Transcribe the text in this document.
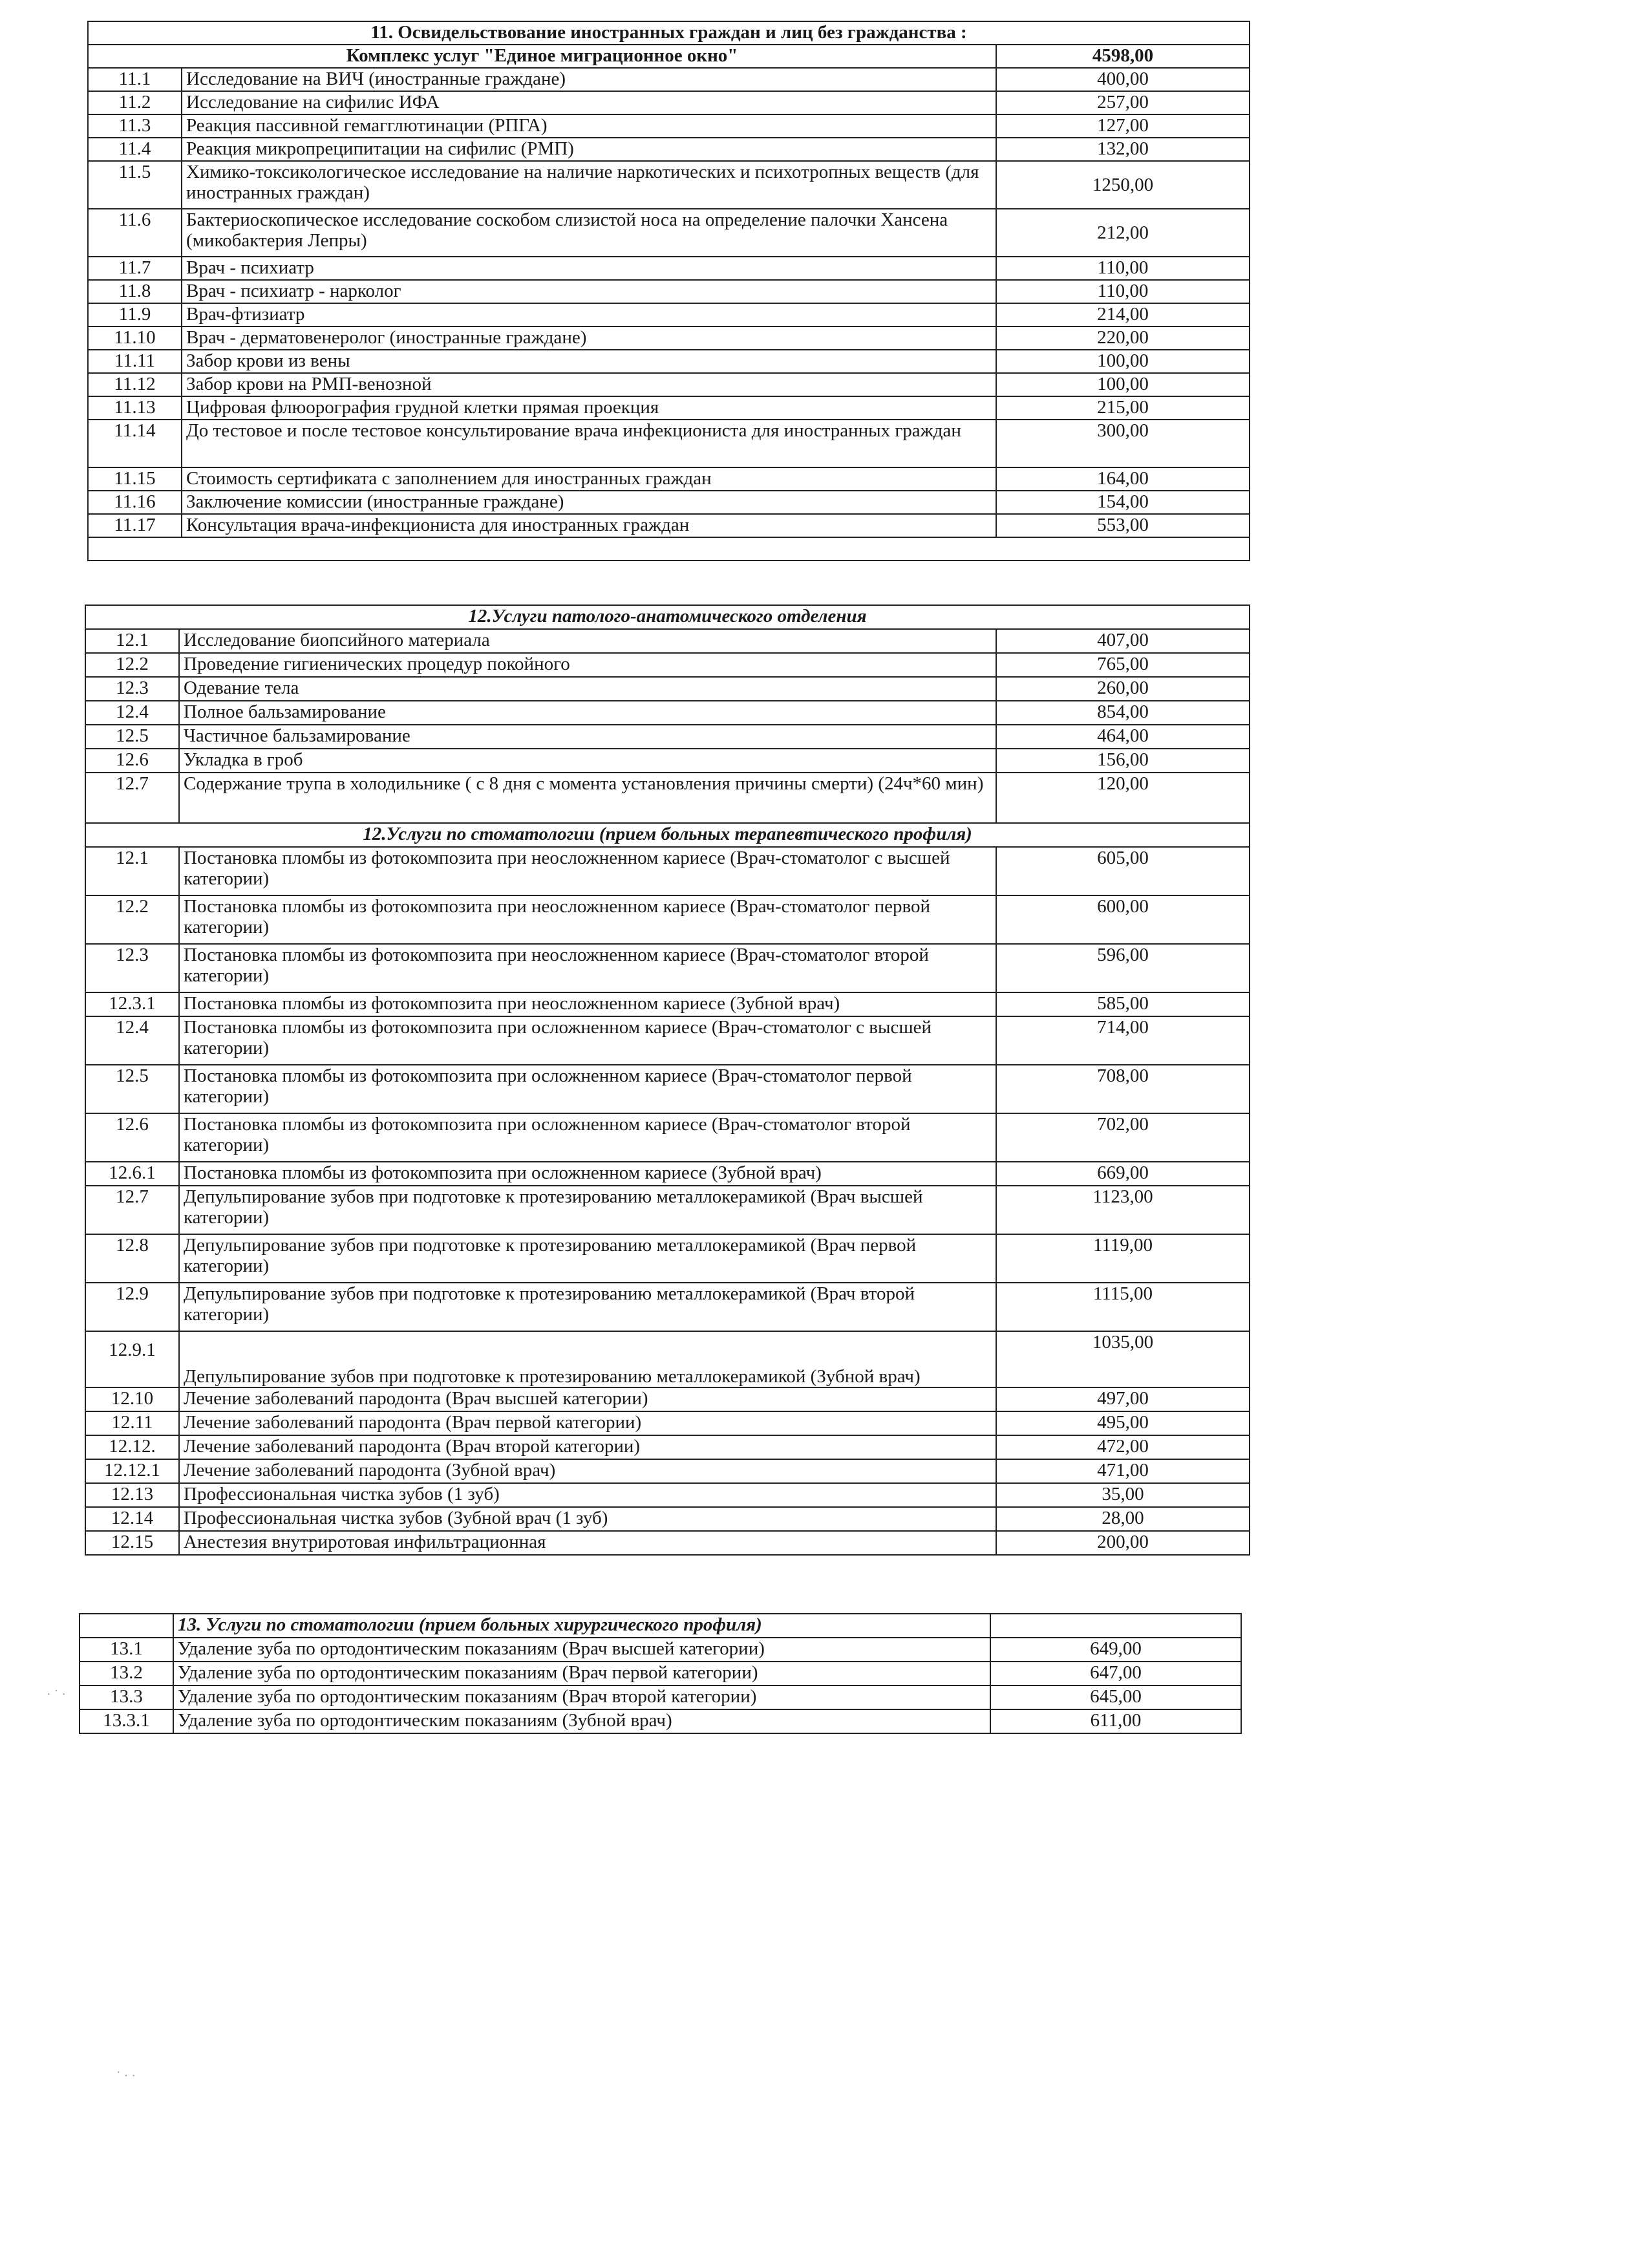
11. Освидельствование иностранных граждан и лиц без гражданства :		
Комплекс услуг "Единое миграционное окно"		4598,00
11.1	Исследование на ВИЧ (иностранные граждане)	400,00
11.2	Исследование на сифилис ИФА	257,00
11.3	Реакция пассивной гемагглютинации (РПГА)	127,00
11.4	Реакция микропреципитации на сифилис (РМП)	132,00
11.5	Химико-токсикологическое исследование на наличие наркотических и психотропных веществ (для иностранных граждан)	1250,00
11.6	Бактериоскопическое исследование соскобом слизистой носа на определение палочки Хансена (микобактерия Лепры)	212,00
11.7	Врач - психиатр	110,00
11.8	Врач - психиатр - нарколог	110,00
11.9	Врач-фтизиатр	214,00
11.10	Врач - дерматовенеролог (иностранные граждане)	220,00
11.11	Забор крови из вены	100,00
11.12	Забор крови на РМП-венозной	100,00
11.13	Цифровая флюорография грудной клетки прямая проекция	215,00
11.14	До тестовое и после тестовое консультирование врача инфекциониста для иностранных граждан	300,00
11.15	Стоимость сертификата с заполнением для иностранных граждан	164,00
11.16	Заключение комиссии (иностранные граждане)	154,00
11.17	Консультация врача-инфекциониста для иностранных граждан	553,00

12.Услуги патолого-анатомического отделения		
12.1	Исследование биопсийного материала	407,00
12.2	Проведение гигиенических процедур покойного	765,00
12.3	Одевание тела	260,00
12.4	Полное бальзамирование	854,00
12.5	Частичное бальзамирование	464,00
12.6	Укладка в гроб	156,00
12.7	Содержание трупа в холодильнике ( с 8 дня с момента установления причины смерти) (24ч*60 мин)	120,00
12.Услуги по стоматологии (прием больных терапевтического профиля)		
12.1	Постановка пломбы из фотокомпозита при неосложненном кариесе (Врач-стоматолог с высшей категории)	605,00
12.2	Постановка пломбы из фотокомпозита при неосложненном кариесе (Врач-стоматолог первой категории)	600,00
12.3	Постановка пломбы из фотокомпозита при неосложненном кариесе (Врач-стоматолог второй категории)	596,00
12.3.1	Постановка пломбы из фотокомпозита при неосложненном кариесе (Зубной врач)	585,00
12.4	Постановка пломбы из фотокомпозита при осложненном кариесе (Врач-стоматолог с высшей категории)	714,00
12.5	Постановка пломбы из фотокомпозита при осложненном кариесе (Врач-стоматолог первой категории)	708,00
12.6	Постановка пломбы из фотокомпозита при осложненном кариесе (Врач-стоматолог второй категории)	702,00
12.6.1	Постановка пломбы из фотокомпозита при осложненном кариесе (Зубной врач)	669,00
12.7	Депульпирование зубов при подготовке к протезированию металлокерамикой (Врач высшей категории)	1123,00
12.8	Депульпирование зубов при подготовке к протезированию металлокерамикой (Врач первой категории)	1119,00
12.9	Депульпирование зубов при подготовке к протезированию металлокерамикой (Врач второй категории)	1115,00
12.9.1	Депульпирование зубов при подготовке к протезированию металлокерамикой (Зубной врач)	1035,00
12.10	Лечение заболеваний пародонта (Врач высшей категории)	497,00
12.11	Лечение заболеваний пародонта (Врач первой категории)	495,00
12.12.	Лечение заболеваний пародонта (Врач второй категории)	472,00
12.12.1	Лечение заболеваний пародонта (Зубной врач)	471,00
12.13	Профессиональная чистка зубов (1 зуб)	35,00
12.14	Профессиональная чистка зубов (Зубной врач (1 зуб)	28,00
12.15	Анестезия внутриротовая инфильтрационная	200,00
	13. Услуги по стоматологии (прием больных хирургического профиля)	
13.1	Удаление зуба по ортодонтическим показаниям (Врач высшей категории)	649,00
13.2	Удаление зуба по ортодонтическим показаниям (Врач первой категории)	647,00
13.3	Удаление зуба по ортодонтическим показаниям (Врач второй категории)	645,00
13.3.1	Удаление зуба по ортодонтическим показаниям (Зубной врач)	611,00
· ˙ ·
˙ · ·
